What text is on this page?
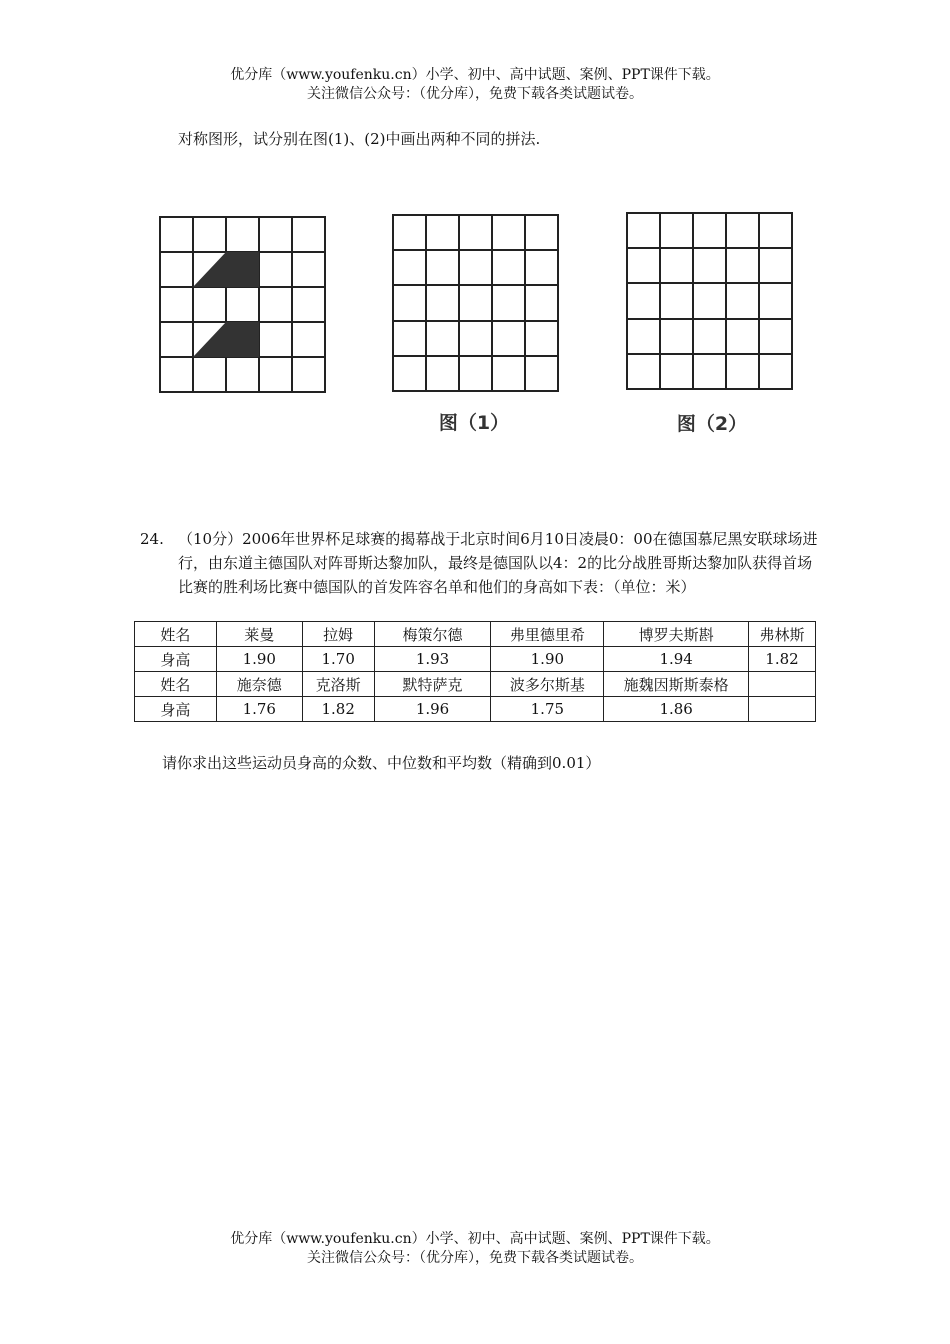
优分库（www.youfenku.cn）小学、初中、高中试题、案例、PPT课件下载。
关注微信公众号：（优分库），免费下载各类试题试卷。
对称图形，试分别在图(1)、(2)中画出两种不同的拼法.
图（1）	图（2）
24. （10分）2006年世界杯足球赛的揭幕战于北京时间6月10日凌晨0：00在德国慕尼黑安联球场进行，由东道主德国队对阵哥斯达黎加队，最终是德国队以4：2的比分战胜哥斯达黎加队获得首场比赛的胜利场比赛中德国队的首发阵容名单和他们的身高如下表：（单位：米）
姓名	莱曼	拉姆	梅策尔德	弗里德里希	博罗夫斯斟	弗林斯
身高	1.90	1.70	1.93	1.90	1.94	1.82
姓名	施奈德	克洛斯	默特萨克	波多尔斯基	施魏因斯斯泰格	
身高	1.76	1.82	1.96	1.75	1.86	
请你求出这些运动员身高的众数、中位数和平均数（精确到0.01）
优分库（www.youfenku.cn）小学、初中、高中试题、案例、PPT课件下载。
关注微信公众号：（优分库），免费下载各类试题试卷。
